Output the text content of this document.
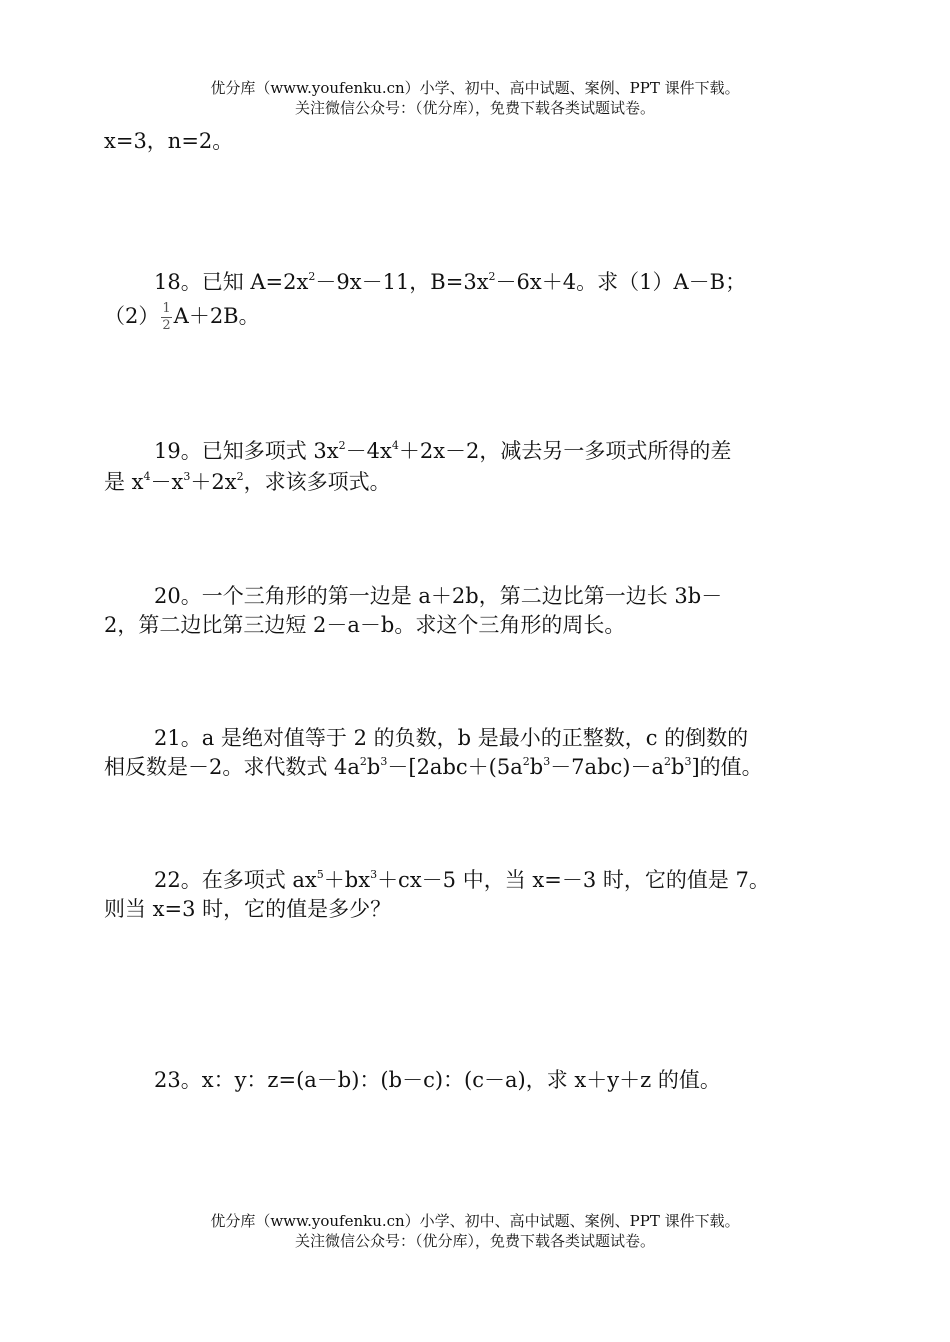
优分库（www.youfenku.cn）小学、初中、高中试题、案例、PPT 课件下载。
关注微信公众号：（优分库），免费下载各类试题试卷。
x=3，n=2。
18。已知 $A=2x^2-9x-11$，$B=3x^2-6x+4$。求（1）A－B；
$(2) \frac{1}{2} A+2B$。
19。已知多项式 $3x^2-4x^4+2x-2$，减去另一多项式所得的差
是 $x^4-x^3+2x^2$，求该多项式。
20。一个三角形的第一边是 a＋2b，第二边比第一边长 3b－
2，第二边比第三边短 2－a－b。求这个三角形的周长。
21。a 是绝对值等于 2 的负数，b 是最小的正整数，c 的倒数的
相反数是－2。求代数式 $4a^2b^3-[2abc+(5a^2b^3-7abc)-a^2b^3]$的值。
22。在多项式 $ax^5+bx^3+cx-5$ 中，当 x=－3 时，它的值是 7。
则当 x=3 时，它的值是多少？
23。x：y：z=(a－b)：(b－c)：(c－a)，求 x＋y＋z 的值。
优分库（www.youfenku.cn）小学、初中、高中试题、案例、PPT 课件下载。
关注微信公众号：（优分库），免费下载各类试题试卷。
